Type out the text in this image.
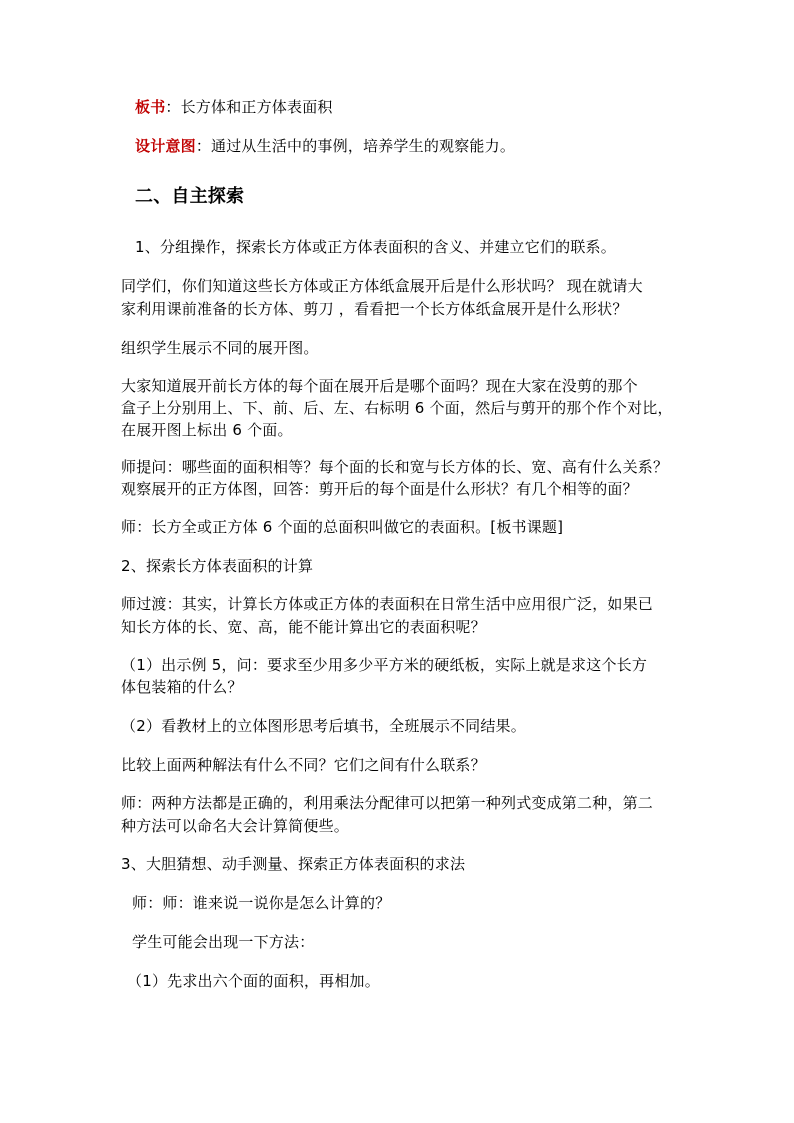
板书：长方体和正方体表面积
设计意图：通过从生活中的事例，培养学生的观察能力。
二、自主探索
1、分组操作，探索长方体或正方体表面积的含义、并建立它们的联系。
同学们，你们知道这些长方体或正方体纸盒展开后是什么形状吗？ 现在就请大
家利用课前准备的长方体、剪刀 ，看看把一个长方体纸盒展开是什么形状？
组织学生展示不同的展开图。
大家知道展开前长方体的每个面在展开后是哪个面吗？现在大家在没剪的那个
盒子上分别用上、下、前、后、左、右标明 6 个面，然后与剪开的那个作个对比，
在展开图上标出 6 个面。
师提问：哪些面的面积相等？每个面的长和宽与长方体的长、宽、高有什么关系？
观察展开的正方体图，回答：剪开后的每个面是什么形状？有几个相等的面？
师：长方全或正方体 6 个面的总面积叫做它的表面积。[板书课题]
2、探索长方体表面积的计算
师过渡：其实，计算长方体或正方体的表面积在日常生活中应用很广泛，如果已
知长方体的长、宽、高，能不能计算出它的表面积呢？
（1）出示例 5，问：要求至少用多少平方米的硬纸板，实际上就是求这个长方
体包装箱的什么？
（2）看教材上的立体图形思考后填书，全班展示不同结果。
比较上面两种解法有什么不同？它们之间有什么联系？
师：两种方法都是正确的，利用乘法分配律可以把第一种列式变成第二种，第二
种方法可以命名大会计算简便些。
3、大胆猜想、动手测量、探索正方体表面积的求法
师：师：谁来说一说你是怎么计算的？
学生可能会出现一下方法：
（1）先求出六个面的面积，再相加。
